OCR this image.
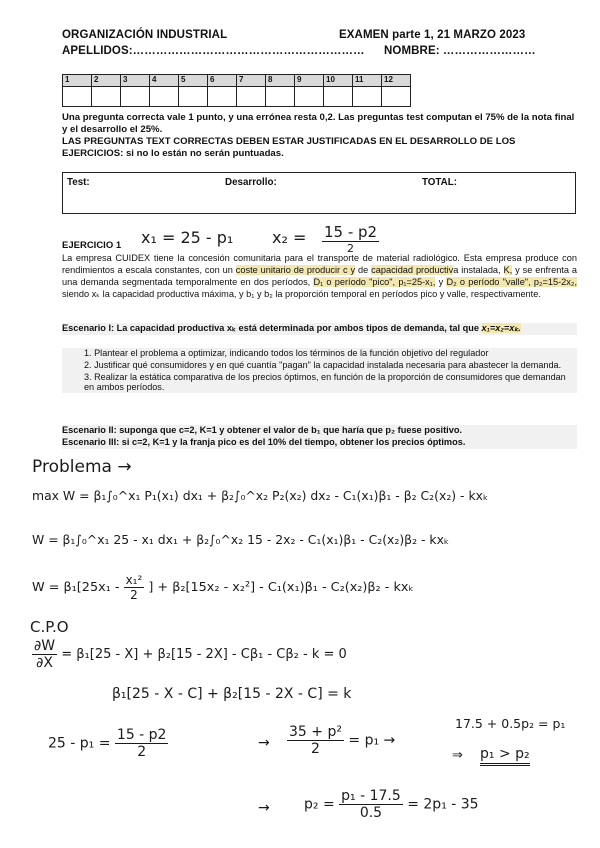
ORGANIZACIÓN INDUSTRIAL	EXAMEN parte 1, 21 MARZO 2023
APELLIDOS:…………………………………………………… NOMBRE: ……………………
1	2	3	4	5	6	7	8	9	10	11	12

Una pregunta correcta vale 1 punto, y una errónea resta 0,2. Las preguntas test computan el 75% de la nota final y el desarrollo el 25%.
LAS PREGUNTAS TEXT CORRECTAS DEBEN ESTAR JUSTIFICADAS EN EL DESARROLLO DE LOS EJERCICIOS: si no lo están no serán puntuadas.
Test:	Desarrollo:	TOTAL:
x₁ = 25 - p₁ $x_2 = \frac{15 - p2}{2}$
EJERCICIO 1
La empresa CUIDEX tiene la concesión comunitaria para el transporte de material radiológico. Esta empresa produce con rendimientos a escala constantes, con un coste unitario de producir c y de capacidad productiva instalada, K, y se enfrenta a una demanda segmentada temporalmente en dos períodos, D₁ o período "pico", p₁=25-x₁, y D₂ o período "valle", p₂=15-2x₂, siendo xₖ la capacidad productiva máxima, y b₁ y b₂ la proporción temporal en períodos pico y valle, respectivamente.
Escenario I: La capacidad productiva xₖ está determinada por ambos tipos de demanda, tal que x₁=x₂=xₖ.
1. Plantear el problema a optimizar, indicando todos los términos de la función objetivo del regulador
2. Justificar qué consumidores y en qué cuantía "pagan" la capacidad instalada necesaria para abastecer la demanda.
3. Realizar la estática comparativa de los precios óptimos, en función de la proporción de consumidores que demandan en ambos períodos.
Escenario II: suponga que c=2, K=1 y obtener el valor de b₁ que haría que p₂ fuese positivo.
Escenario III: si c=2, K=1 y la franja pico es del 10% del tiempo, obtener los precios óptimos.
Problema →
max W = β₁∫₀^x₁ P₁(x₁) dx₁ + β₂∫₀^x₂ P₂(x₂) dx₂ - C₁(x₁)β₁ - β₂ C₂(x₂) - kxₖ
W = β₁∫₀^x₁ 25 - x₁ dx₁ + β₂∫₀^x₂ 15 - 2x₂ - C₁(x₁)β₁ - C₂(x₂)β₂ - kxₖ
$W = \beta_1[25x_1 - \frac{\text{x₁²}}{2}$ ] + β₂[15x₂ - x₂²] - C₁(x₁)β₁ - C₂(x₂)β₂ - kxₖ
C.P.O
$\frac{\partial W}{\partial X} = \beta_1[25 - X] + \beta_2[15 - 2X] - C\beta_1 - C\beta_2 - k = 0$
β₁[25 - X - C] + β₂[15 - 2X - C] = k
$25 - p_1 = \frac{15 - p2}{2}$	→ $\frac{\text{35 + p²}}{2} = p_1$ →
17.5 + 0.5p₂ = p₁
⇒ p₁ > p₂
→ $p_2 = \frac{\text{p₁ - 17.5}}{0.5} = 2p_1 - 35$
